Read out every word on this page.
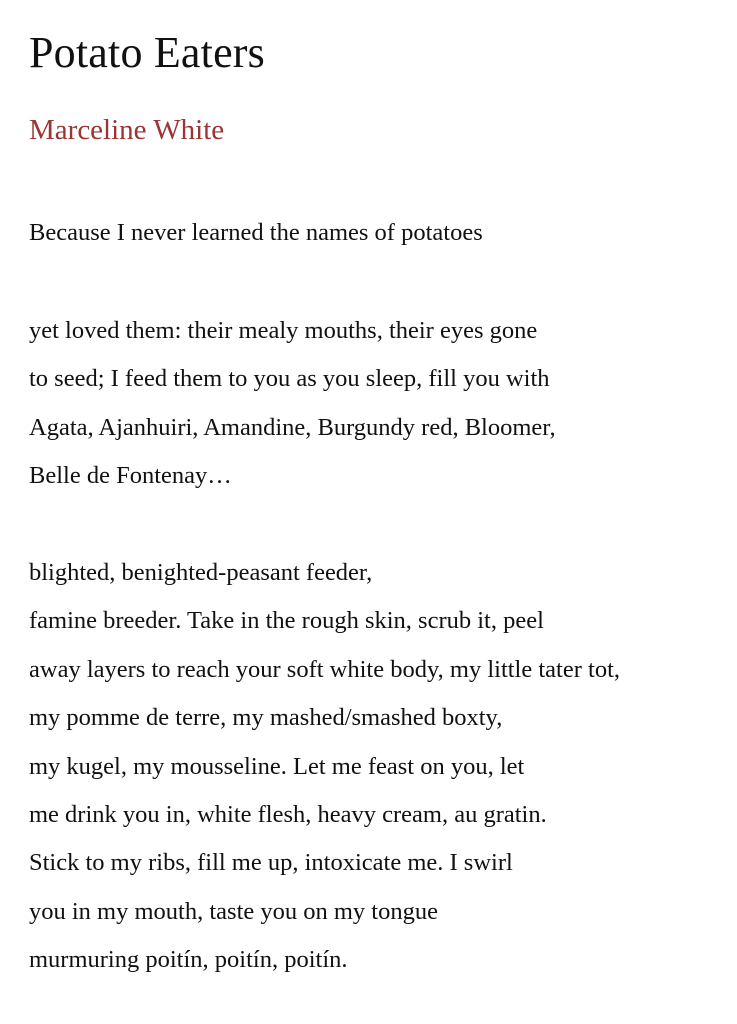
Potato Eaters
Marceline White
Because I never learned the names of potatoes
yet loved them: their mealy mouths, their eyes gone
to seed; I feed them to you as you sleep, fill you with
Agata, Ajanhuiri, Amandine, Burgundy red, Bloomer,
Belle de Fontenay…
blighted, benighted-peasant feeder,
famine breeder. Take in the rough skin, scrub it, peel
away layers to reach your soft white body, my little tater tot,
my pomme de terre, my mashed/smashed boxty,
my kugel, my mousseline. Let me feast on you, let
me drink you in, white flesh, heavy cream, au gratin.
Stick to my ribs, fill me up, intoxicate me. I swirl
you in my mouth, taste you on my tongue
murmuring poitín, poitín, poitín.
